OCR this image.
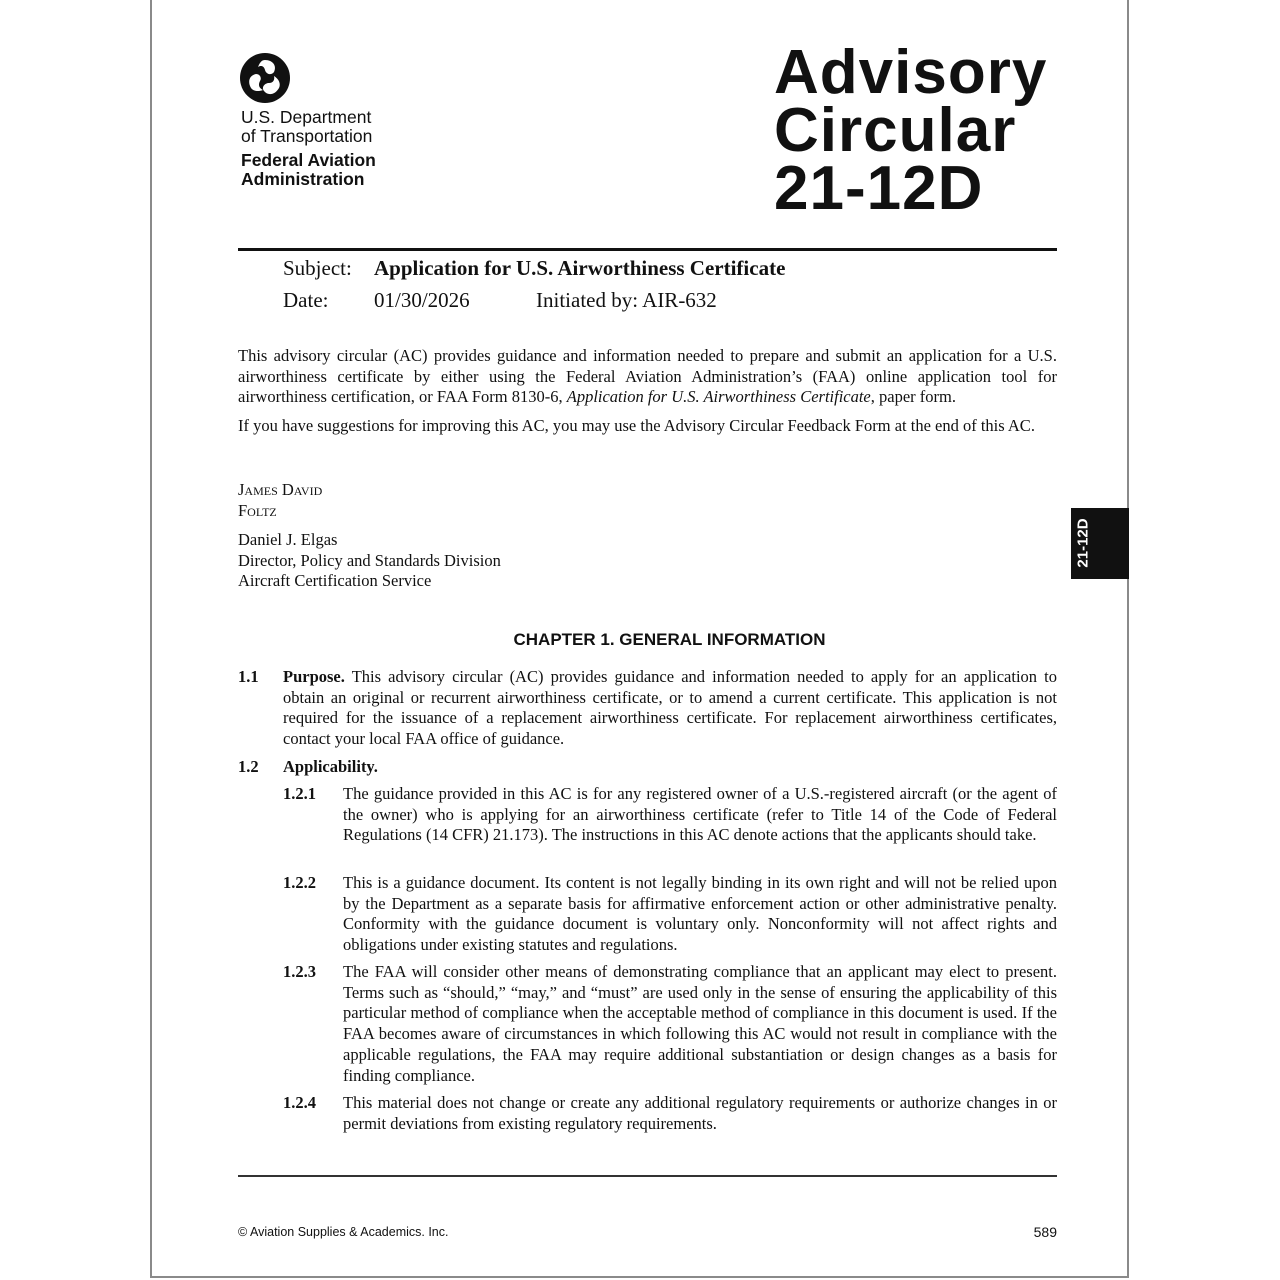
U.S. Department
of Transportation
Federal Aviation
Administration
Advisory
Circular
21-12D
Subject: Application for U.S. Airworthiness Certificate
Date: 01/30/2026	Initiated by: AIR-632
This advisory circular (AC) provides guidance and information needed to prepare and submit an application for a U.S. airworthiness certificate by either using the Federal Aviation Administration’s (FAA) online application tool for airworthiness certification, or FAA Form 8130-6, Application for U.S. Airworthiness Certificate, paper form.
If you have suggestions for improving this AC, you may use the Advisory Circular Feedback Form at the end of this AC.
James David
Foltz
Daniel J. Elgas
Director, Policy and Standards Division
Aircraft Certification Service
CHAPTER 1. GENERAL INFORMATION
1.1 Purpose. This advisory circular (AC) provides guidance and information needed to apply for an application to obtain an original or recurrent airworthiness certificate, or to amend a current certificate. This application is not required for the issuance of a replacement airworthiness certificate. For replacement airworthiness certificates, contact your local FAA office of guidance.
1.2 Applicability.
1.2.1 The guidance provided in this AC is for any registered owner of a U.S.-registered aircraft (or the agent of the owner) who is applying for an airworthiness certificate (refer to Title 14 of the Code of Federal Regulations (14 CFR) 21.173). The instructions in this AC denote actions that the applicants should take.
1.2.2 This is a guidance document. Its content is not legally binding in its own right and will not be relied upon by the Department as a separate basis for affirmative enforcement action or other administrative penalty. Conformity with the guidance document is voluntary only. Nonconformity will not affect rights and obligations under existing statutes and regulations.
1.2.3 The FAA will consider other means of demonstrating compliance that an applicant may elect to present. Terms such as “should,” “may,” and “must” are used only in the sense of ensuring the applicability of this particular method of compliance when the acceptable method of compliance in this document is used. If the FAA becomes aware of circumstances in which following this AC would not result in compliance with the applicable regulations, the FAA may require additional substantiation or design changes as a basis for finding compliance.
1.2.4 This material does not change or create any additional regulatory requirements or authorize changes in or permit deviations from existing regulatory requirements.
21-12D
© Aviation Supplies & Academics. Inc.	589
